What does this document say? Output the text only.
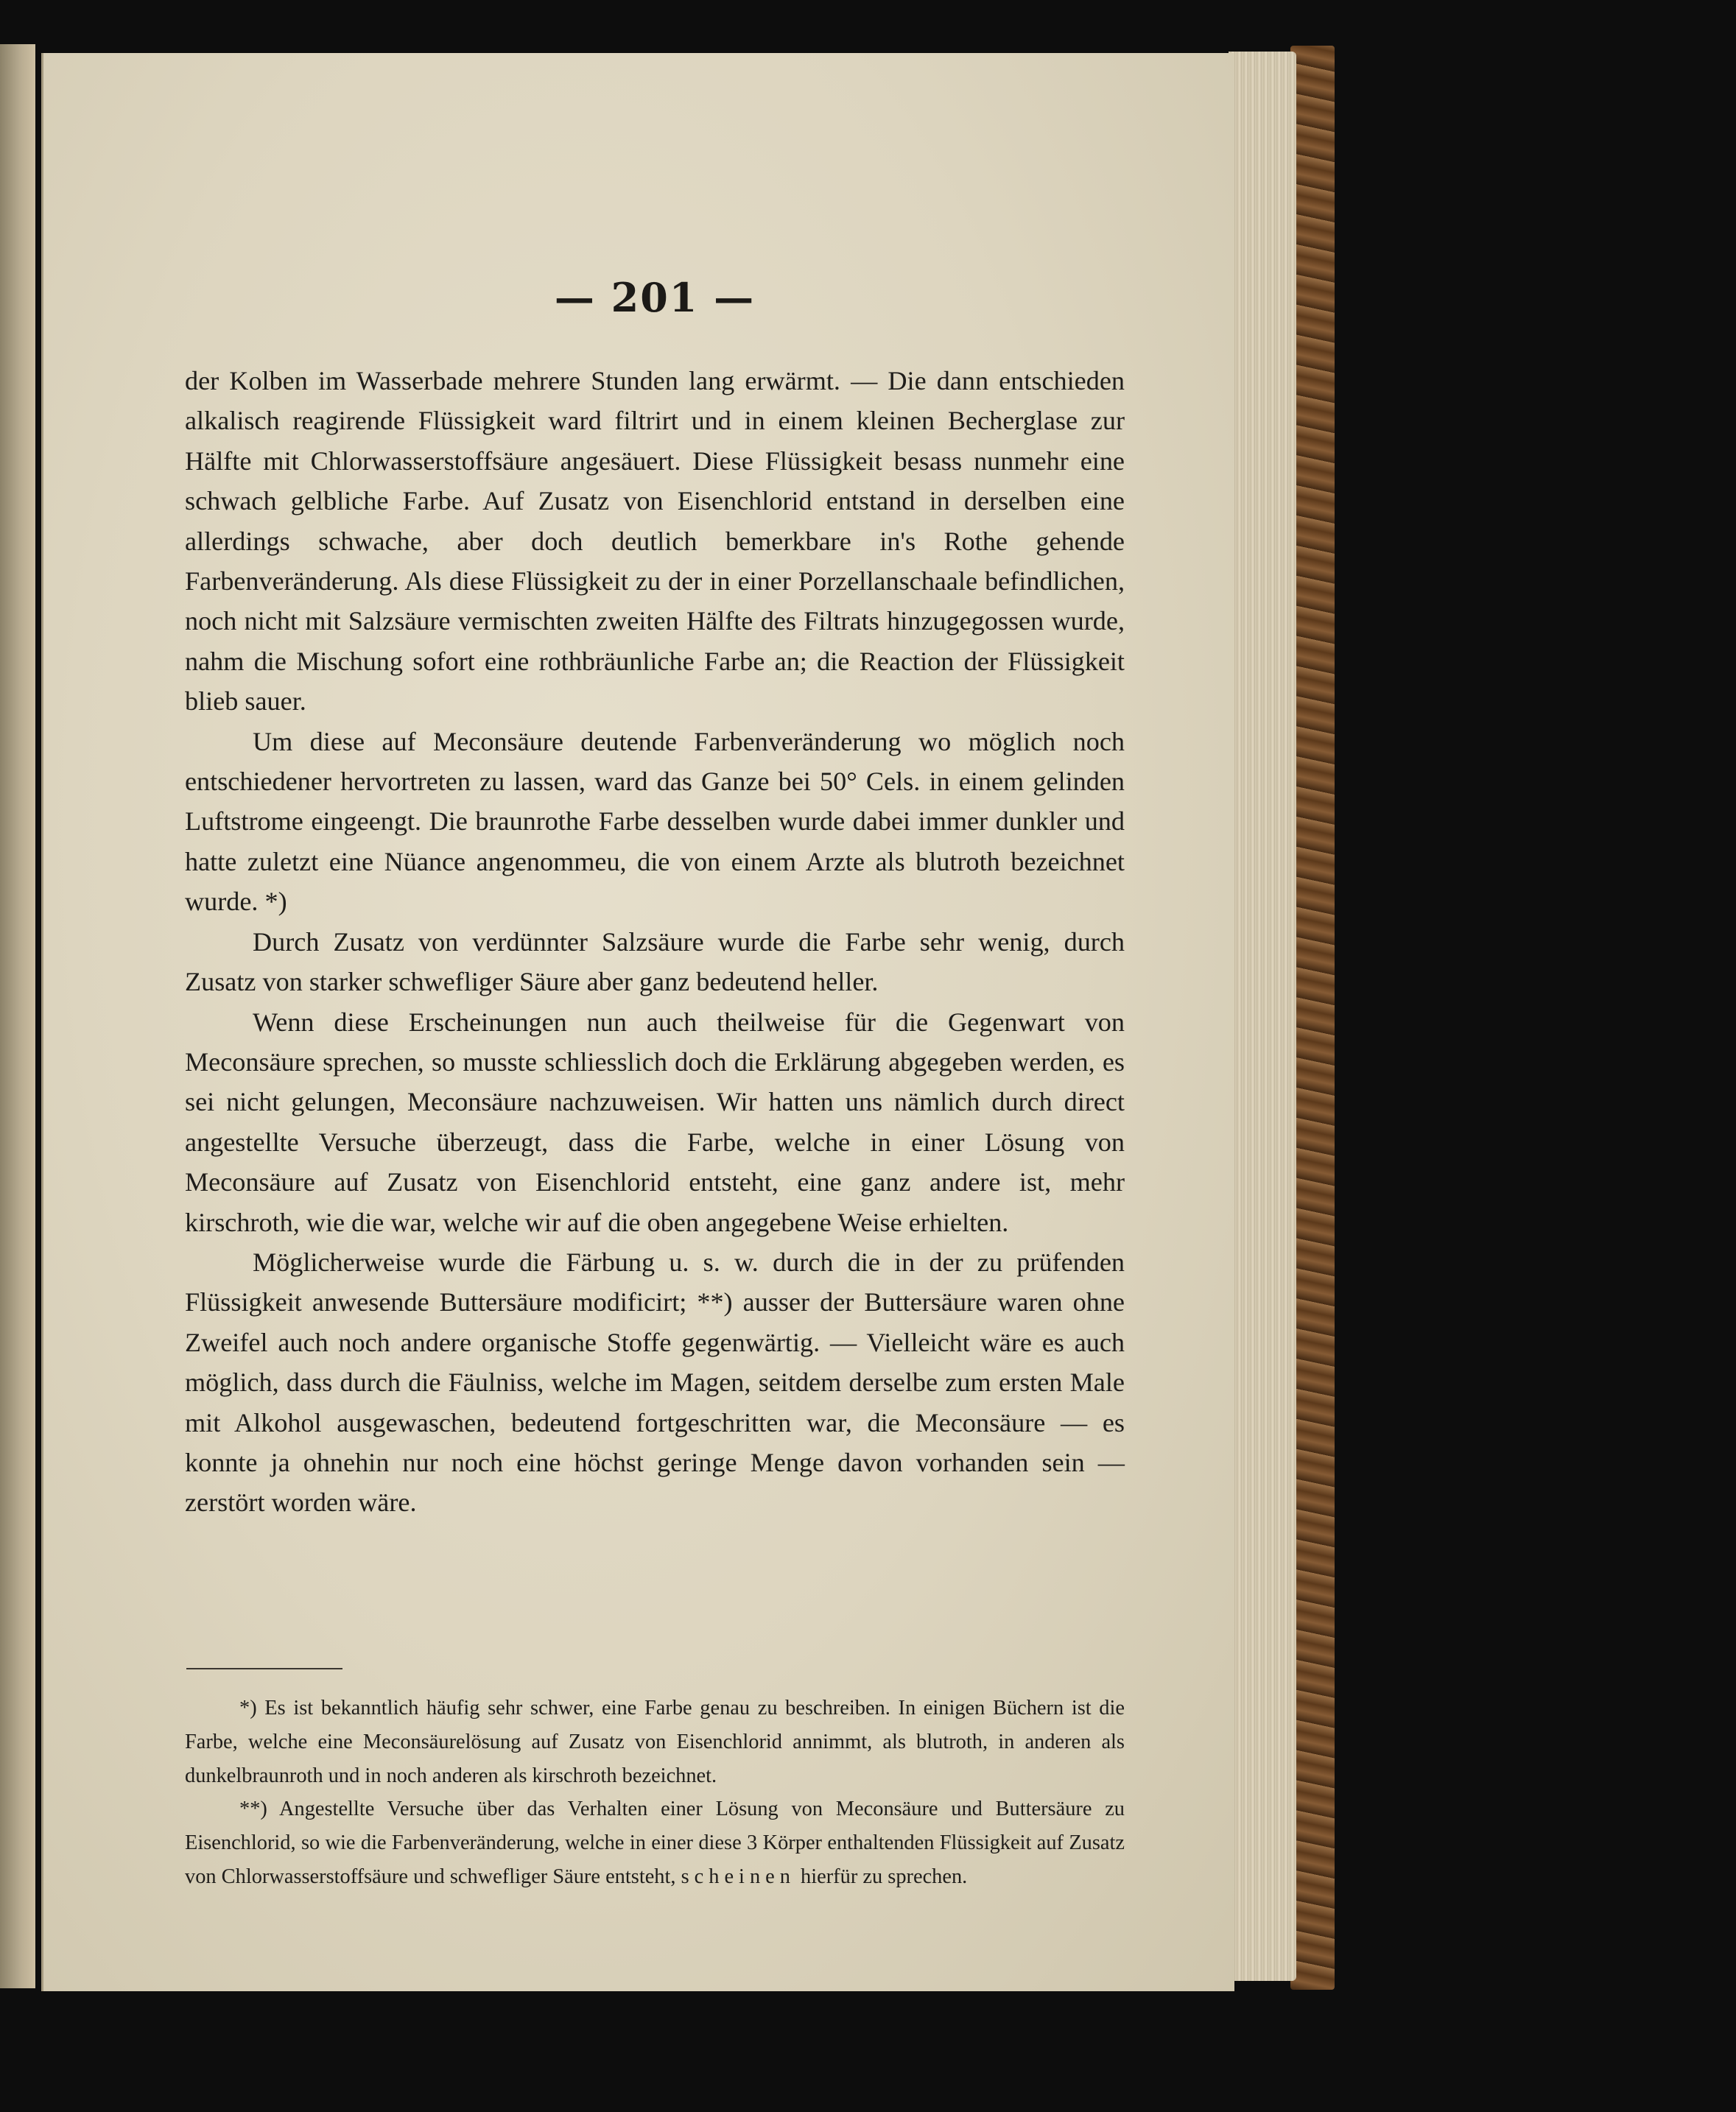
— 201 —

der Kolben im Wasserbade mehrere Stunden lang erwärmt. — Die dann entschieden alkalisch reagirende Flüssigkeit ward filtrirt und in einem kleinen Becherglase zur Hälfte mit Chlorwasserstoffsäure angesäuert. Diese Flüssigkeit besass nunmehr eine schwach gelbliche Farbe. Auf Zusatz von Eisenchlorid entstand in derselben eine allerdings schwache, aber doch deutlich bemerkbare in's Rothe gehende Farbenveränderung. Als diese Flüssigkeit zu der in einer Porzellanschaale befindlichen, noch nicht mit Salzsäure vermischten zweiten Hälfte des Filtrats hinzugegossen wurde, nahm die Mischung sofort eine rothbräunliche Farbe an; die Reaction der Flüssigkeit blieb sauer.

Um diese auf Meconsäure deutende Farbenveränderung wo möglich noch entschiedener hervortreten zu lassen, ward das Ganze bei 50° Cels. in einem gelinden Luftstrome eingeengt. Die braunrothe Farbe desselben wurde dabei immer dunkler und hatte zuletzt eine Nüance angenommeu, die von einem Arzte als blutroth bezeichnet wurde. *)

Durch Zusatz von verdünnter Salzsäure wurde die Farbe sehr wenig, durch Zusatz von starker schwefliger Säure aber ganz bedeutend heller.

Wenn diese Erscheinungen nun auch theilweise für die Gegenwart von Meconsäure sprechen, so musste schliesslich doch die Erklärung abgegeben werden, es sei nicht gelungen, Meconsäure nachzuweisen. Wir hatten uns nämlich durch direct angestellte Versuche überzeugt, dass die Farbe, welche in einer Lösung von Meconsäure auf Zusatz von Eisenchlorid entsteht, eine ganz andere ist, mehr kirschroth, wie die war, welche wir auf die oben angegebene Weise erhielten.

Möglicherweise wurde die Färbung u. s. w. durch die in der zu prüfenden Flüssigkeit anwesende Buttersäure modificirt; **) ausser der Buttersäure waren ohne Zweifel auch noch andere organische Stoffe gegenwärtig. — Vielleicht wäre es auch möglich, dass durch die Fäulniss, welche im Magen, seitdem derselbe zum ersten Male mit Alkohol ausgewaschen, bedeutend fortgeschritten war, die Meconsäure — es konnte ja ohnehin nur noch eine höchst geringe Menge davon vorhanden sein — zerstört worden wäre.

*) Es ist bekanntlich häufig sehr schwer, eine Farbe genau zu beschreiben. In einigen Büchern ist die Farbe, welche eine Meconsäurelösung auf Zusatz von Eisenchlorid annimmt, als blutroth, in anderen als dunkelbraunroth und in noch anderen als kirschroth bezeichnet.

**) Angestellte Versuche über das Verhalten einer Lösung von Meconsäure und Buttersäure zu Eisenchlorid, so wie die Farbenveränderung, welche in einer diese 3 Körper enthaltenden Flüssigkeit auf Zusatz von Chlorwasserstoffsäure und schwefliger Säure entsteht, scheinen hierfür zu sprechen.
